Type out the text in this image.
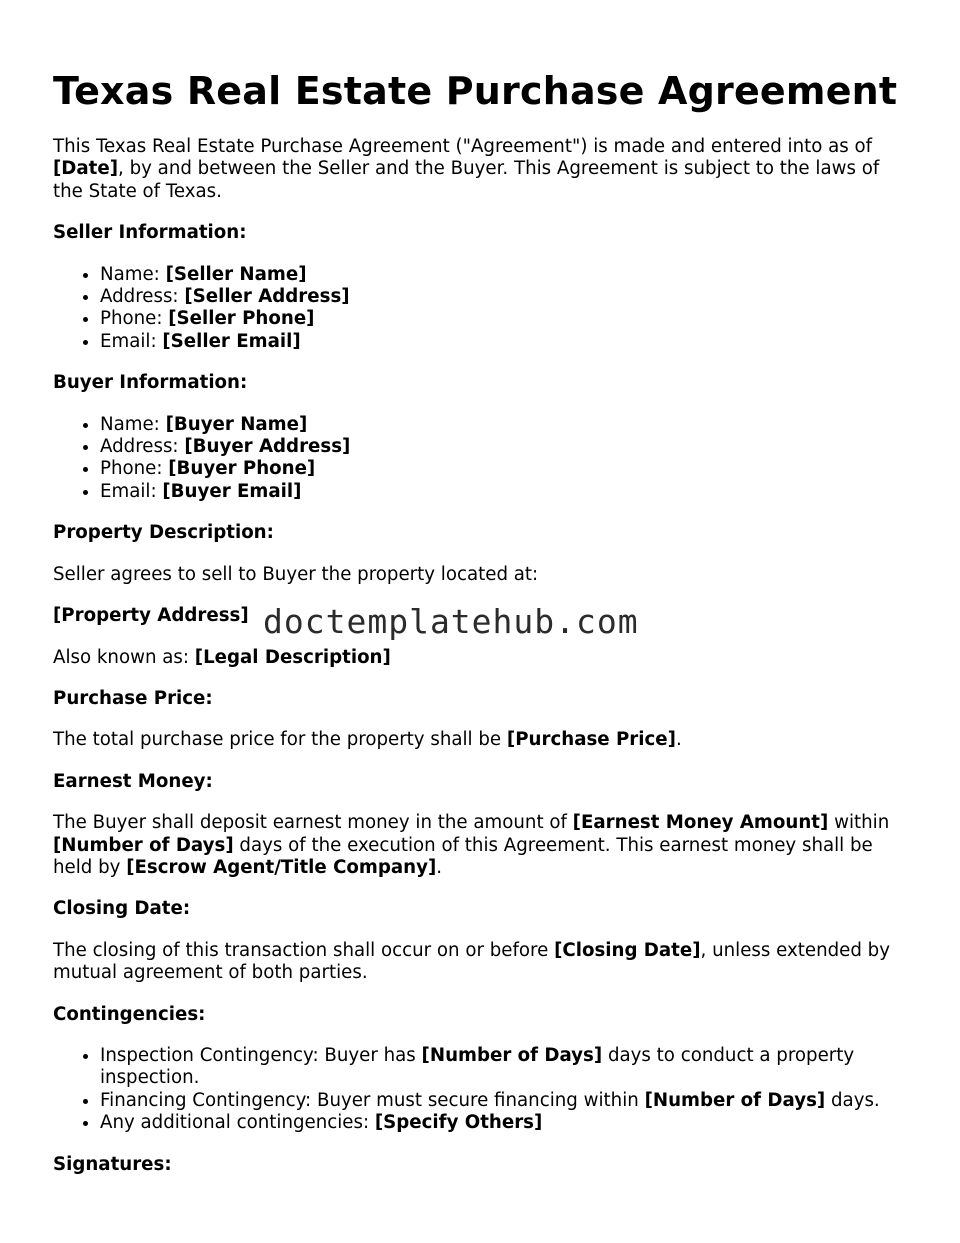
Texas Real Estate Purchase Agreement

This Texas Real Estate Purchase Agreement ("Agreement") is made and entered into as of [Date], by and between the Seller and the Buyer. This Agreement is subject to the laws of the State of Texas.

Seller Information:

• Name: [Seller Name]
• Address: [Seller Address]
• Phone: [Seller Phone]
• Email: [Seller Email]

Buyer Information:

• Name: [Buyer Name]
• Address: [Buyer Address]
• Phone: [Buyer Phone]
• Email: [Buyer Email]

Property Description:

Seller agrees to sell to Buyer the property located at:

[Property Address]

Also known as: [Legal Description]

Purchase Price:

The total purchase price for the property shall be [Purchase Price].

Earnest Money:

The Buyer shall deposit earnest money in the amount of [Earnest Money Amount] within [Number of Days] days of the execution of this Agreement. This earnest money shall be held by [Escrow Agent/Title Company].

Closing Date:

The closing of this transaction shall occur on or before [Closing Date], unless extended by mutual agreement of both parties.

Contingencies:

• Inspection Contingency: Buyer has [Number of Days] days to conduct a property inspection.
• Financing Contingency: Buyer must secure financing within [Number of Days] days.
• Any additional contingencies: [Specify Others]

Signatures:

doctemplatehub.com
